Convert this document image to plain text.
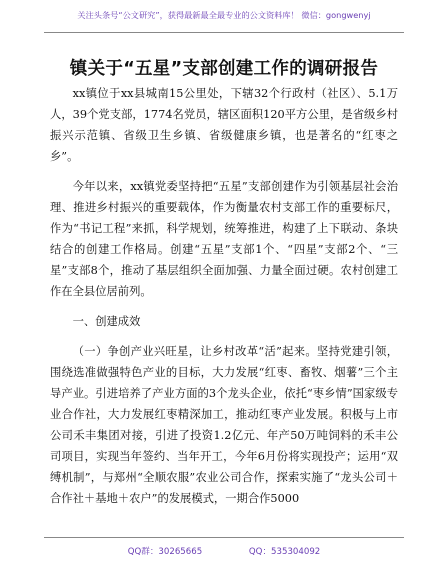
关注头条号“公文研究”，获得最新最全最专业的公文资料库！ 微信：gongwenyj
镇关于“五星”支部创建工作的调研报告

xx镇位于xx县城南15公里处，下辖32个行政村（社区）、5.1万人，39个党支部，1774名党员，辖区面积120平方公里，是省级乡村振兴示范镇、省级卫生乡镇、省级健康乡镇，也是著名的“红枣之乡”。

今年以来，xx镇党委坚持把“五星”支部创建作为引领基层社会治理、推进乡村振兴的重要载体，作为衡量农村支部工作的重要标尺，作为“书记工程”来抓，科学规划，统筹推进，构建了上下联动、条块结合的创建工作格局。创建“五星”支部1个、“四星”支部2个、“三星”支部8个，推动了基层组织全面加强、力量全面过硬。农村创建工作在全县位居前列。

一、创建成效

（一）争创产业兴旺星，让乡村改革“活”起来。坚持党建引领，围绕选准做强特色产业的目标，大力发展“红枣、畜牧、烟薯”三个主导产业。引进培养了产业方面的3个龙头企业，依托“枣乡情”国家级专业合作社，大力发展红枣精深加工，推动红枣产业发展。积极与上市公司禾丰集团对接，引进了投资1.2亿元、年产50万吨饲料的禾丰公司项目，实现当年签约、当年开工，今年6月份将实现投产；运用“双缚机制”，与郑州“全顺农服”农业公司合作，探索实施了“龙头公司＋合作社＋基地＋农户”的发展模式，一期合作5000

QQ群：30265665	QQ：535304092
